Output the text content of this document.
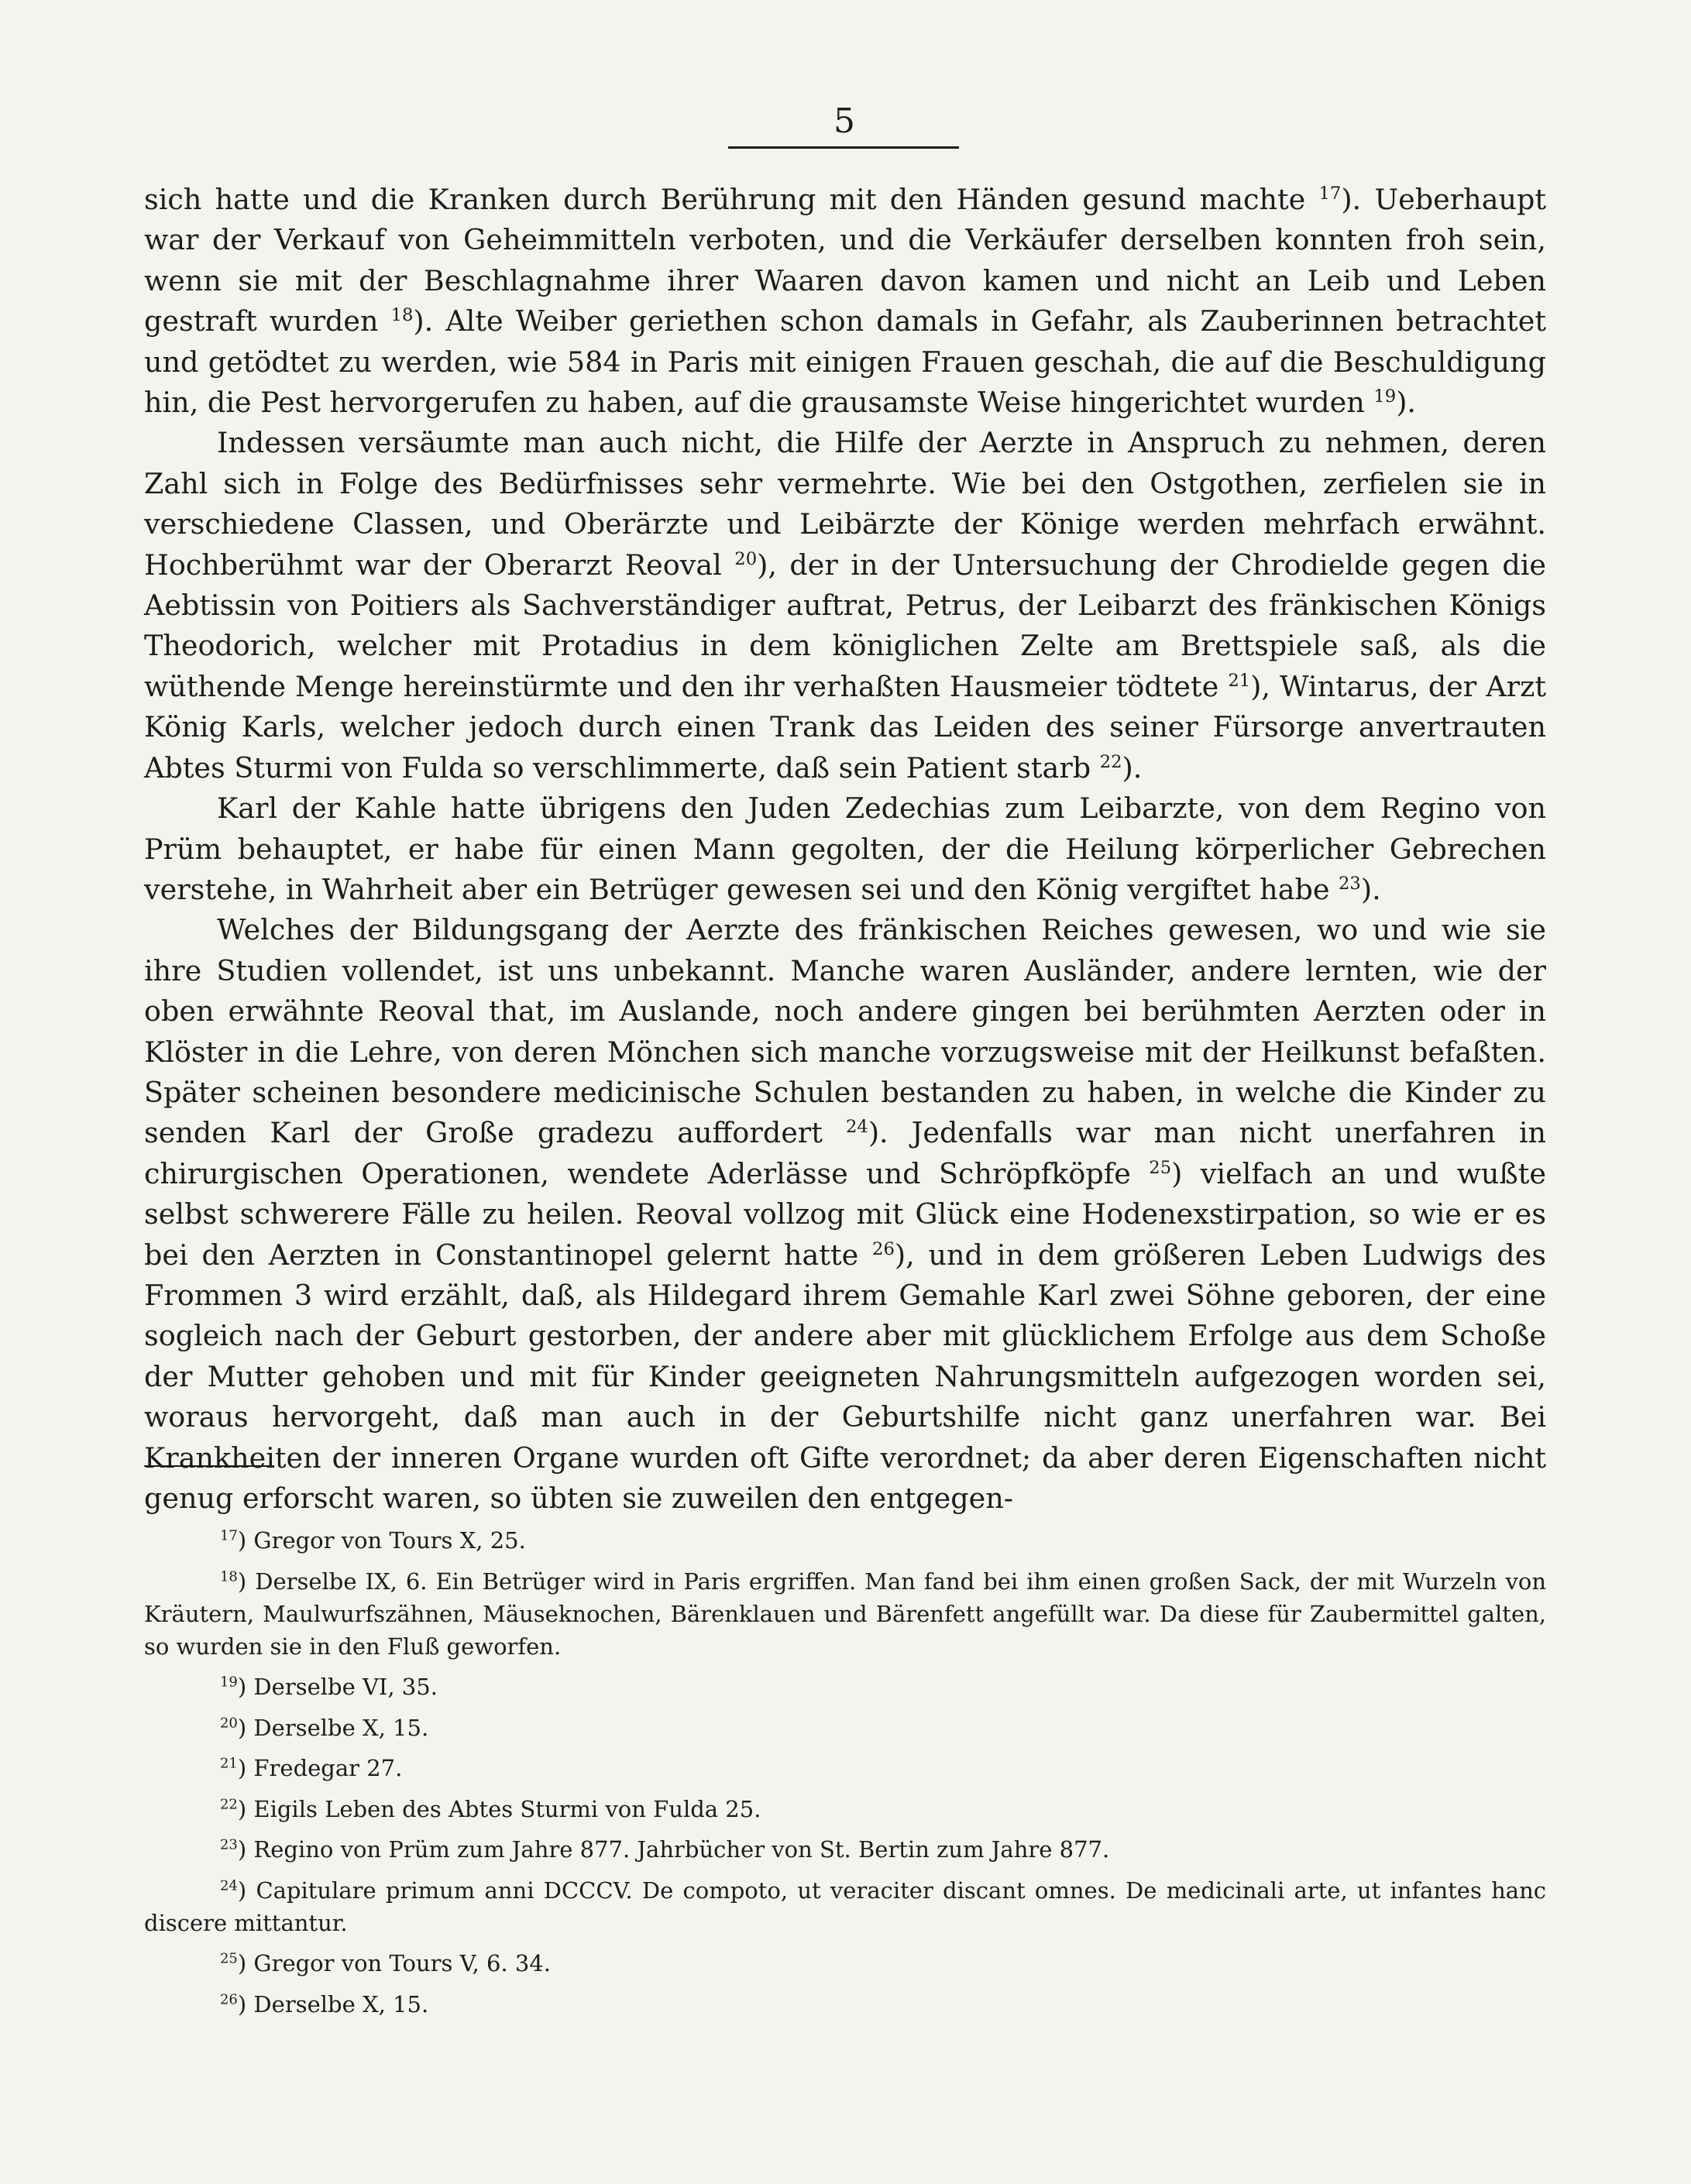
5

sich hatte und die Kranken durch Berührung mit den Händen gesund machte $^{17}$). Ueberhaupt war der Verkauf von Geheimmitteln verboten, und die Verkäufer derselben konnten froh sein, wenn sie mit der Beschlagnahme ihrer Waaren davon kamen und nicht an Leib und Leben gestraft wurden $^{18}$). Alte Weiber geriethen schon damals in Gefahr, als Zauberinnen betrachtet und getödtet zu werden, wie 584 in Paris mit einigen Frauen geschah, die auf die Beschuldigung hin, die Pest hervorgerufen zu haben, auf die grausamste Weise hingerichtet wurden $^{19}$).

Indessen versäumte man auch nicht, die Hilfe der Aerzte in Anspruch zu nehmen, deren Zahl sich in Folge des Bedürfnisses sehr vermehrte. Wie bei den Ostgothen, zerfielen sie in verschiedene Classen, und Oberärzte und Leibärzte der Könige werden mehrfach erwähnt. Hochberühmt war der Oberarzt Reoval $^{20}$), der in der Untersuchung der Chrodielde gegen die Aebtissin von Poitiers als Sachverständiger auftrat, Petrus, der Leibarzt des fränkischen Königs Theodorich, welcher mit Protadius in dem königlichen Zelte am Brettspiele saß, als die wüthende Menge hereinstürmte und den ihr verhaßten Hausmeier tödtete $^{21}$), Wintarus, der Arzt König Karls, welcher jedoch durch einen Trank das Leiden des seiner Fürsorge anvertrauten Abtes Sturmi von Fulda so verschlimmerte, daß sein Patient starb $^{22}$).

Karl der Kahle hatte übrigens den Juden Zedechias zum Leibarzte, von dem Regino von Prüm behauptet, er habe für einen Mann gegolten, der die Heilung körperlicher Gebrechen verstehe, in Wahrheit aber ein Betrüger gewesen sei und den König vergiftet habe $^{23}$).

Welches der Bildungsgang der Aerzte des fränkischen Reiches gewesen, wo und wie sie ihre Studien vollendet, ist uns unbekannt. Manche waren Ausländer, andere lernten, wie der oben erwähnte Reoval that, im Auslande, noch andere gingen bei berühmten Aerzten oder in Klöster in die Lehre, von deren Mönchen sich manche vorzugsweise mit der Heilkunst befaßten. Später scheinen besondere medicinische Schulen bestanden zu haben, in welche die Kinder zu senden Karl der Große gradezu auffordert $^{24}$). Jedenfalls war man nicht unerfahren in chirurgischen Operationen, wendete Aderlässe und Schröpfköpfe $^{25}$) vielfach an und wußte selbst schwerere Fälle zu heilen. Reoval vollzog mit Glück eine Hodenexstirpation, so wie er es bei den Aerzten in Constantinopel gelernt hatte $^{26}$), und in dem größeren Leben Ludwigs des Frommen 3 wird erzählt, daß, als Hildegard ihrem Gemahle Karl zwei Söhne geboren, der eine sogleich nach der Geburt gestorben, der andere aber mit glücklichem Erfolge aus dem Schoße der Mutter gehoben und mit für Kinder geeigneten Nahrungsmitteln aufgezogen worden sei, woraus hervorgeht, daß man auch in der Geburtshilfe nicht ganz unerfahren war. Bei Krankheiten der inneren Organe wurden oft Gifte verordnet; da aber deren Eigenschaften nicht genug erforscht waren, so übten sie zuweilen den entgegen-

$^{17}$) Gregor von Tours X, 25.

$^{18}$) Derselbe IX, 6. Ein Betrüger wird in Paris ergriffen. Man fand bei ihm einen großen Sack, der mit Wurzeln von Kräutern, Maulwurfszähnen, Mäuseknochen, Bärenklauen und Bärenfett angefüllt war. Da diese für Zaubermittel galten, so wurden sie in den Fluß geworfen.

$^{19}$) Derselbe VI, 35.

$^{20}$) Derselbe X, 15.

$^{21}$) Fredegar 27.

$^{22}$) Eigils Leben des Abtes Sturmi von Fulda 25.

$^{23}$) Regino von Prüm zum Jahre 877. Jahrbücher von St. Bertin zum Jahre 877.

$^{24}$) Capitulare primum anni DCCCV. De compoto, ut veraciter discant omnes. De medicinali arte, ut infantes hanc discere mittantur.

$^{25}$) Gregor von Tours V, 6. 34.

$^{26}$) Derselbe X, 15.
